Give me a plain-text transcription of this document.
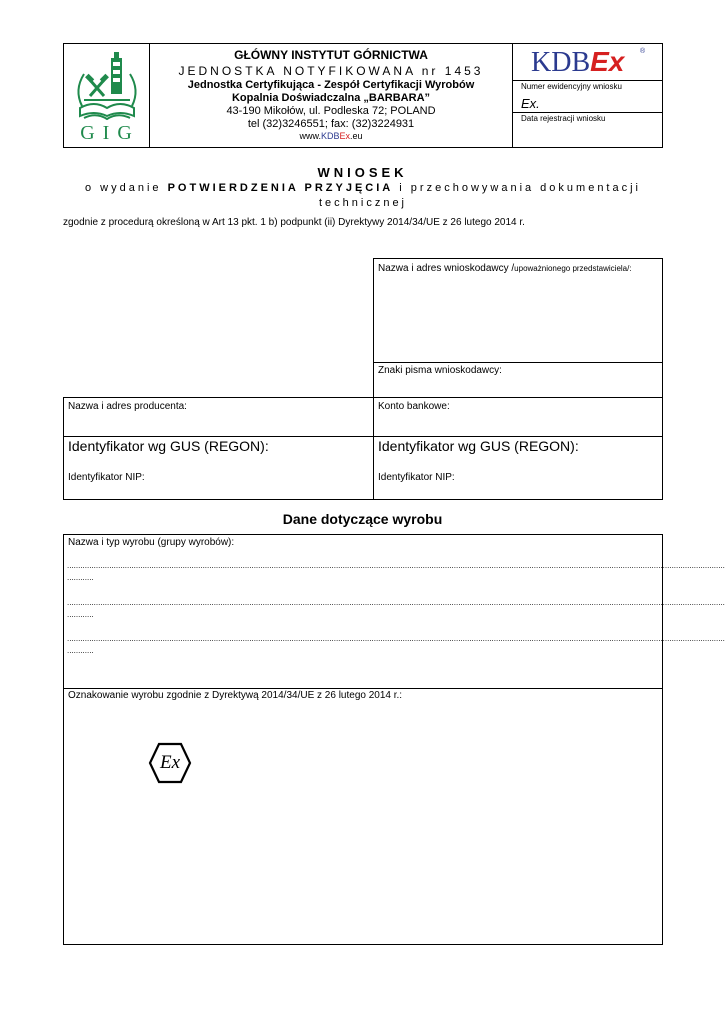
GIG
GŁÓWNY INSTYTUT GÓRNICTWA
JEDNOSTKA NOTYFIKOWANA nr 1453
Jednostka Certyfikująca - Zespół Certyfikacji Wyrobów
Kopalnia Doświadczalna „BARBARA”
43-190 Mikołów, ul. Podleska 72; POLAND
tel (32)3246551; fax: (32)3224931
www.KDBEx.eu
KDBEx ®
Numer ewidencyjny wniosku
Ex.
Data rejestracji wniosku
WNIOSEK
o wydanie POTWIERDZENIA PRZYJĘCIA i przechowywania dokumentacji technicznej
zgodnie z procedurą określoną w Art 13 pkt. 1 b) podpunkt (ii) Dyrektywy 2014/34/UE z 26 lutego 2014 r.
Nazwa i adres wnioskodawcy /upoważnionego przedstawiciela/:
Znaki pisma wnioskodawcy:
Nazwa i adres producenta:	Konto bankowe:
Identyfikator wg GUS (REGON):	Identyfikator wg GUS (REGON):
Identyfikator NIP:	Identyfikator NIP:
Dane dotyczące wyrobu
Nazwa i typ wyrobu (grupy wyrobów):
........................................................................................................................................................................................................................................................................................................
............
........................................................................................................................................................................................................................................................................................................
............
........................................................................................................................................................................................................................................................................................................
............
Oznakowanie wyrobu zgodnie z Dyrektywą 2014/34/UE z 26 lutego 2014 r.:
Ex
